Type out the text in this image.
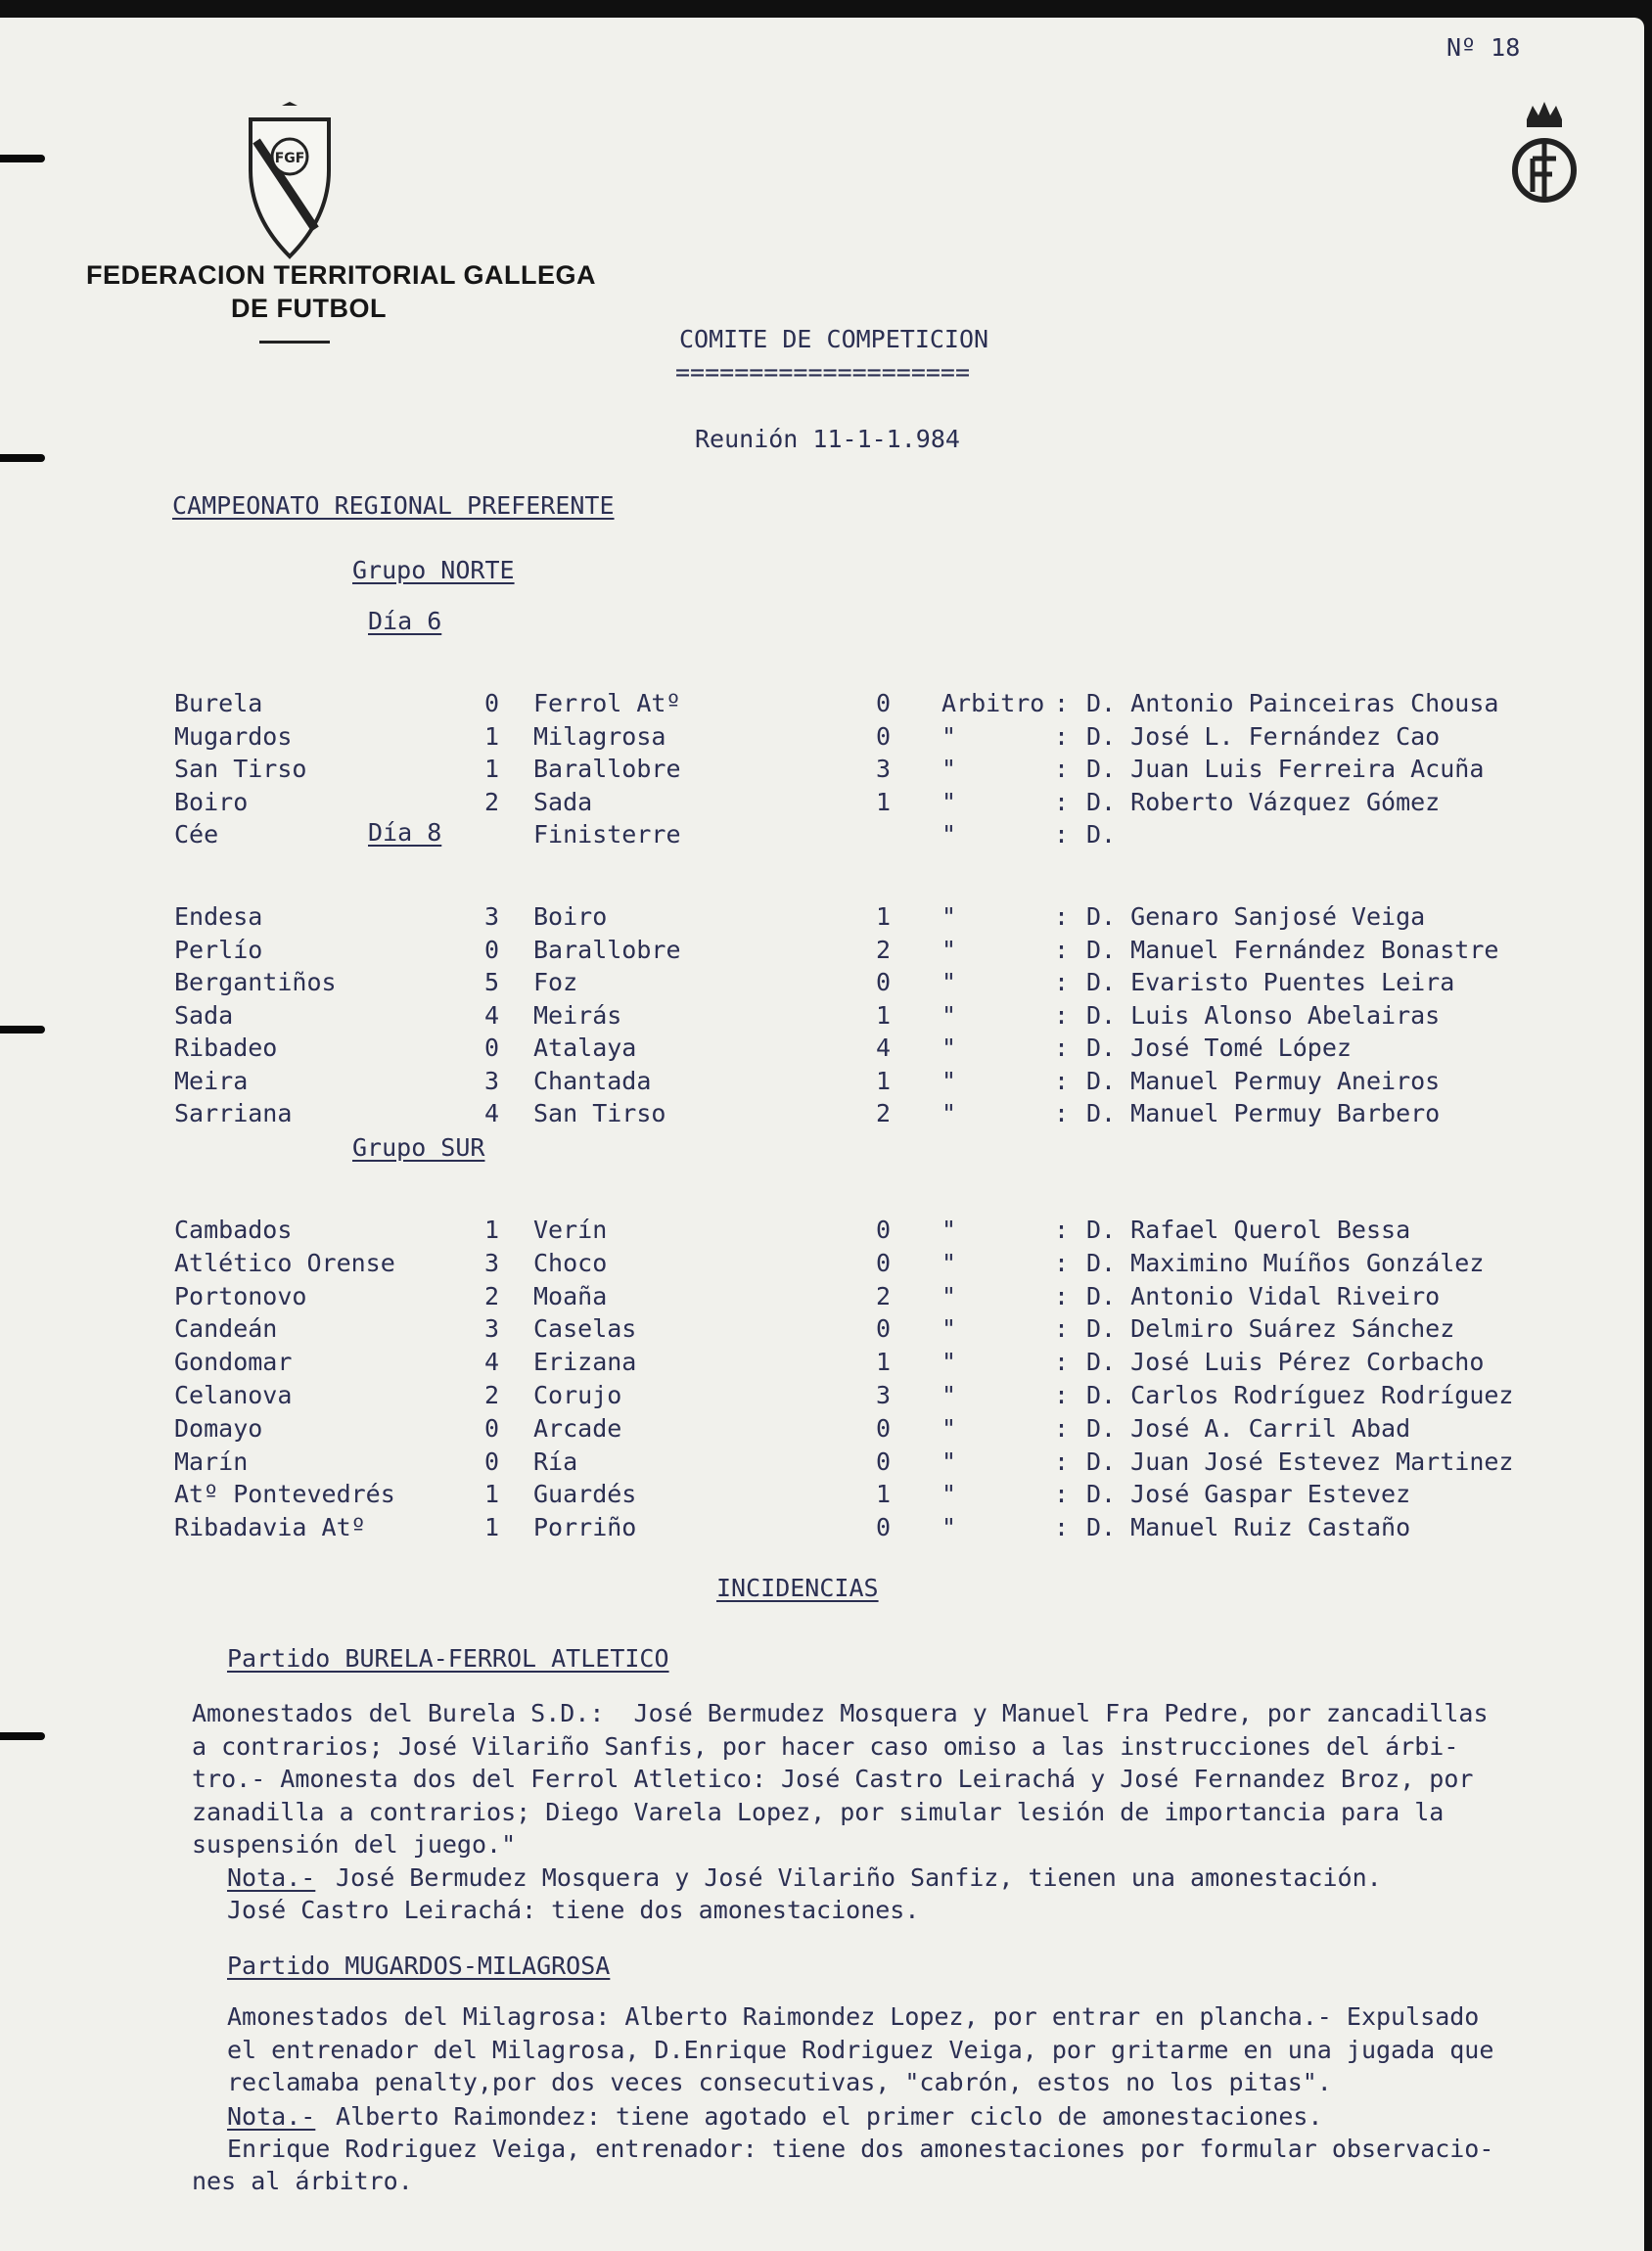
Nº 18
FGF
FEDERACION TERRITORIAL GALLEGA
DE FUTBOL
COMITE DE COMPETICION
====================
Reunión 11-1-1.984
CAMPEONATO REGIONAL PREFERENTE
Grupo NORTE
Día 6
Burela	0 Ferrol Atº	0 Arbitro : D. Antonio Painceiras Chousa
Mugardos	1 Milagrosa	0 "	: D. José L. Fernández Cao
San Tirso	1 Barallobre	3 "	: D. Juan Luis Ferreira Acuña
Boiro	2 Sada	1 "	: D. Roberto Vázquez Gómez
Cée	Finisterre	"	: D.
Día 8
Endesa	3 Boiro	1 "	: D. Genaro Sanjosé Veiga
Perlío	0 Barallobre	2 "	: D. Manuel Fernández Bonastre
Bergantiños	5 Foz	0 "	: D. Evaristo Puentes Leira
Sada	4 Meirás	1 "	: D. Luis Alonso Abelairas
Ribadeo	0 Atalaya	4 "	: D. José Tomé López
Meira	3 Chantada	1 "	: D. Manuel Permuy Aneiros
Sarriana	4 San Tirso	2 "	: D. Manuel Permuy Barbero
Grupo SUR
Cambados	1 Verín	0 "	: D. Rafael Querol Bessa
Atlético Orense	3 Choco	0 "	: D. Maximino Muíños González
Portonovo	2 Moaña	2 "	: D. Antonio Vidal Riveiro
Candeán	3 Caselas	0 "	: D. Delmiro Suárez Sánchez
Gondomar	4 Erizana	1 "	: D. José Luis Pérez Corbacho
Celanova	2 Corujo	3 "	: D. Carlos Rodríguez Rodríguez
Domayo	0 Arcade	0 "	: D. José A. Carril Abad
Marín	0 Ría	0 "	: D. Juan José Estevez Martinez
Atº Pontevedrés	1 Guardés	1 "	: D. José Gaspar Estevez
Ribadavia Atº	1 Porriño	0 "	: D. Manuel Ruiz Castaño
INCIDENCIAS
Partido BURELA-FERROL ATLETICO
Amonestados del Burela S.D.:  José Bermudez Mosquera y Manuel Fra Pedre, por zancadillas
a contrarios; José Vilariño Sanfis, por hacer caso omiso a las instrucciones del árbi-
tro.- Amonesta dos del Ferrol Atletico: José Castro Leirachá y José Fernandez Broz, por
zanadilla a contrarios; Diego Varela Lopez, por simular lesión de importancia para la
suspensión del juego."
Nota.- José Bermudez Mosquera y José Vilariño Sanfiz, tienen una amonestación.
José Castro Leirachá: tiene dos amonestaciones.
Partido MUGARDOS-MILAGROSA
Amonestados del Milagrosa: Alberto Raimondez Lopez, por entrar en plancha.- Expulsado
el entrenador del Milagrosa, D.Enrique Rodriguez Veiga, por gritarme en una jugada que
reclamaba penalty,por dos veces consecutivas, "cabrón, estos no los pitas".
Nota.- Alberto Raimondez: tiene agotado el primer ciclo de amonestaciones.
Enrique Rodriguez Veiga, entrenador: tiene dos amonestaciones por formular observacio-
nes al árbitro.
